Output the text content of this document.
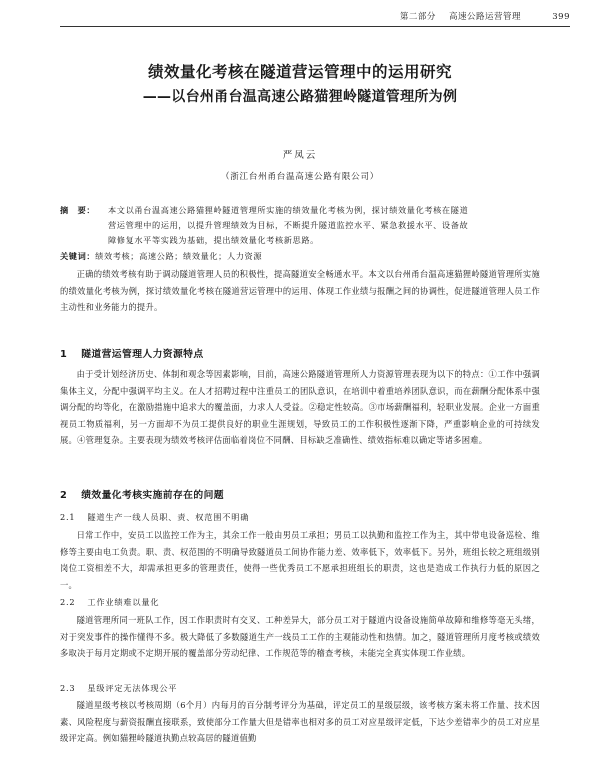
第二部分 高速公路运营管理	399
绩效量化考核在隧道营运管理中的运用研究
——以台州甬台温高速公路猫狸岭隧道管理所为例
严凤云
（浙江台州甬台温高速公路有限公司）
摘　要：	本文以甬台温高速公路猫狸岭隧道管理所实施的绩效量化考核为例，探讨绩效量化考核在隧道
营运管理中的运用，以提升管理绩效为目标，不断提升隧道监控水平、紧急救援水平、设备故
障修复水平等实践为基础，提出绩效量化考核新思路。
关键词：绩效考核；高速公路；绩效量化；人力资源

正确的绩效考核有助于调动隧道管理人员的积极性，提高隧道安全畅通水平。本文以台州甬台温高速猫狸岭隧道管理所实施的绩效量化考核为例，探讨绩效量化考核在隧道营运管理中的运用、体现工作业绩与报酬之间的协调性，促进隧道管理人员工作主动性和业务能力的提升。

1 隧道营运管理人力资源特点

由于受计划经济历史、体制和观念等因素影响，目前，高速公路隧道管理所人力资源管理表现为以下的特点：①工作中强调集体主义，分配中强调平均主义。在人才招聘过程中注重员工的团队意识，在培训中着重培养团队意识，而在薪酬分配体系中强调分配的均等化，在激励措施中追求大的覆盖面，力求人人受益。②稳定性较高。③市场薪酬福利，轻职业发展。企业一方面重视员工物质福利，另一方面却不为员工提供良好的职业生涯规划，导致员工的工作积极性逐渐下降，严重影响企业的可持续发展。④管理复杂。主要表现为绩效考核评估面临着岗位不同酬、目标缺乏准确性、绩效指标难以确定等诸多困难。

2 绩效量化考核实施前存在的问题
2.1 隧道生产一线人员职、责、权范围不明确

日常工作中，安员工以监控工作为主，其余工作一般由男员工承担；男员工以执勤和监控工作为主，其中带电设备巡检、维修等主要由电工负责。职、责、权范围的不明确导致隧道员工间协作能力差、效率低下，效率低下。另外，班组长较之班组级别岗位工资相差不大，却需承担更多的管理责任，使得一些优秀员工不愿承担班组长的职责，这也是造成工作执行力低的原因之一。

2.2 工作业绩难以量化

隧道管理所同一班队工作，因工作职责时有交叉、工种差异大，部分员工对于隧道内设备设施简单故障和维修等毫无头绪，对于突发事件的操作懂得不多。极大降低了多数隧道生产一线员工工作的主观能动性和热情。加之，隧道管理所月度考核或绩效多取决于每月定期或不定期开展的覆盖部分劳动纪律、工作规范等的稽查考核，未能完全真实体现工作业绩。

2.3 星级评定无法体现公平

隧道星级考核以考核周期（6个月）内每月的百分制考评分为基础，评定员工的星级层级，该考核方案未将工作量、技术因素、风险程度与薪资报酬直接联系，致使部分工作量大但是错率也相对多的员工对应星级评定低，下达少差错率少的员工对应星级评定高。例如猫狸岭隧道执勤点较高居的隧道值勤
